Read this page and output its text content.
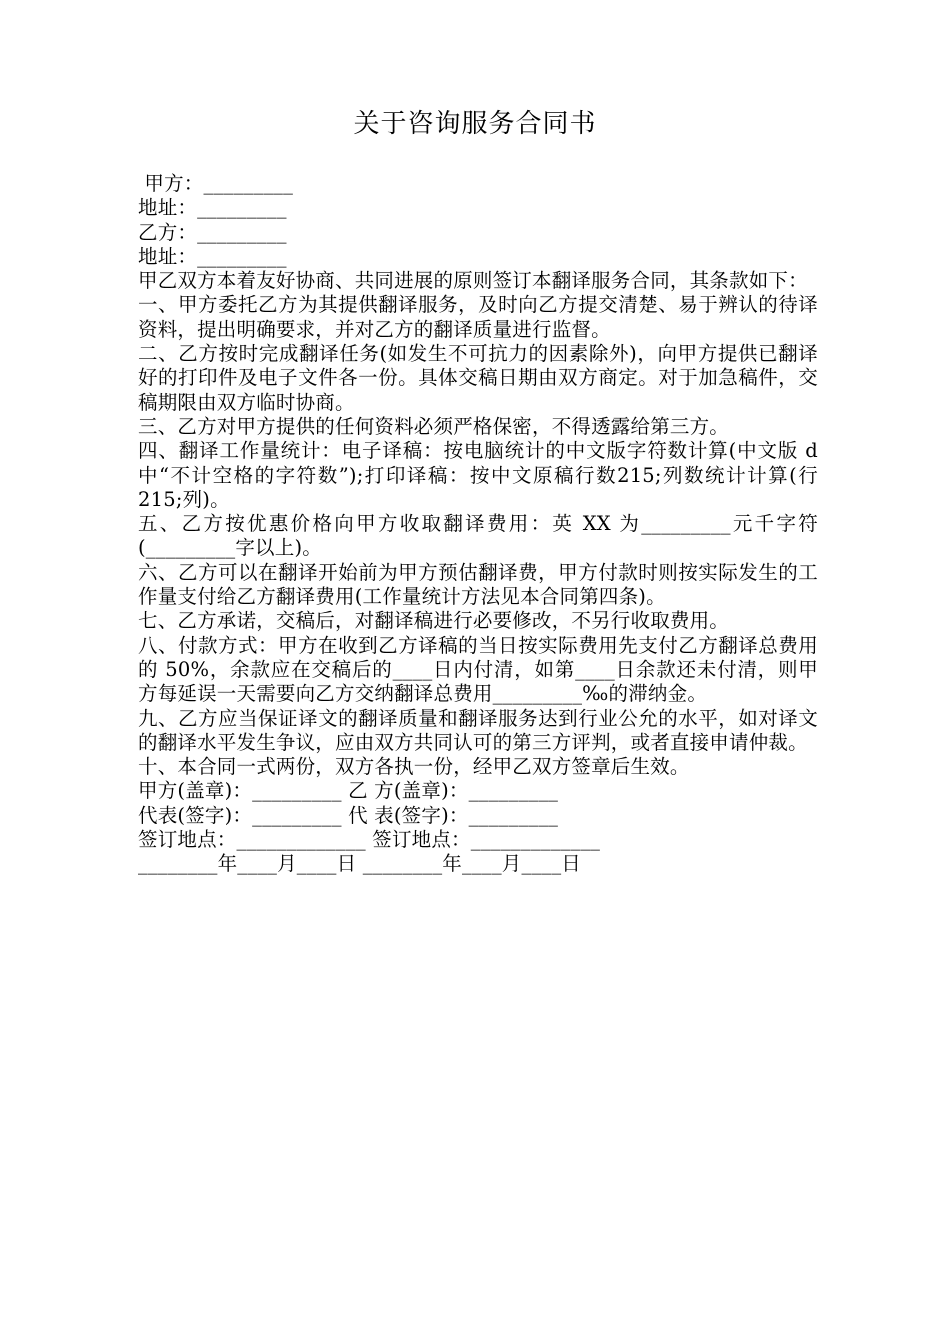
关于咨询服务合同书
甲方：_________
地址：_________
乙方：_________
地址：_________
甲乙双方本着友好协商、共同进展的原则签订本翻译服务合同，其条款如下：
一、甲方委托乙方为其提供翻译服务，及时向乙方提交清楚、易于辨认的待译资料，提出明确要求，并对乙方的翻译质量进行监督。
二、乙方按时完成翻译任务(如发生不可抗力的因素除外)，向甲方提供已翻译好的打印件及电子文件各一份。具体交稿日期由双方商定。对于加急稿件，交稿期限由双方临时协商。
三、乙方对甲方提供的任何资料必须严格保密，不得透露给第三方。
四、翻译工作量统计：电子译稿：按电脑统计的中文版字符数计算(中文版 d 中“不计空格的字符数”);打印译稿：按中文原稿行数215;列数统计计算(行 215;列)。
五、乙方按优惠价格向甲方收取翻译费用：英 XX 为_________元千字符(_________字以上)。
六、乙方可以在翻译开始前为甲方预估翻译费，甲方付款时则按实际发生的工作量支付给乙方翻译费用(工作量统计方法见本合同第四条)。
七、乙方承诺，交稿后，对翻译稿进行必要修改，不另行收取费用。
八、付款方式：甲方在收到乙方译稿的当日按实际费用先支付乙方翻译总费用的 50%，余款应在交稿后的____日内付清，如第____日余款还未付清，则甲方每延误一天需要向乙方交纳翻译总费用_________‰的滞纳金。
九、乙方应当保证译文的翻译质量和翻译服务达到行业公允的水平，如对译文的翻译水平发生争议，应由双方共同认可的第三方评判，或者直接申请仲裁。
十、本合同一式两份，双方各执一份，经甲乙双方签章后生效。
甲方(盖章)：_________ 乙 方(盖章)：_________
代表(签字)：_________ 代 表(签字)：_________
签订地点：_____________ 签订地点：_____________
________年____月____日 ________年____月____日
